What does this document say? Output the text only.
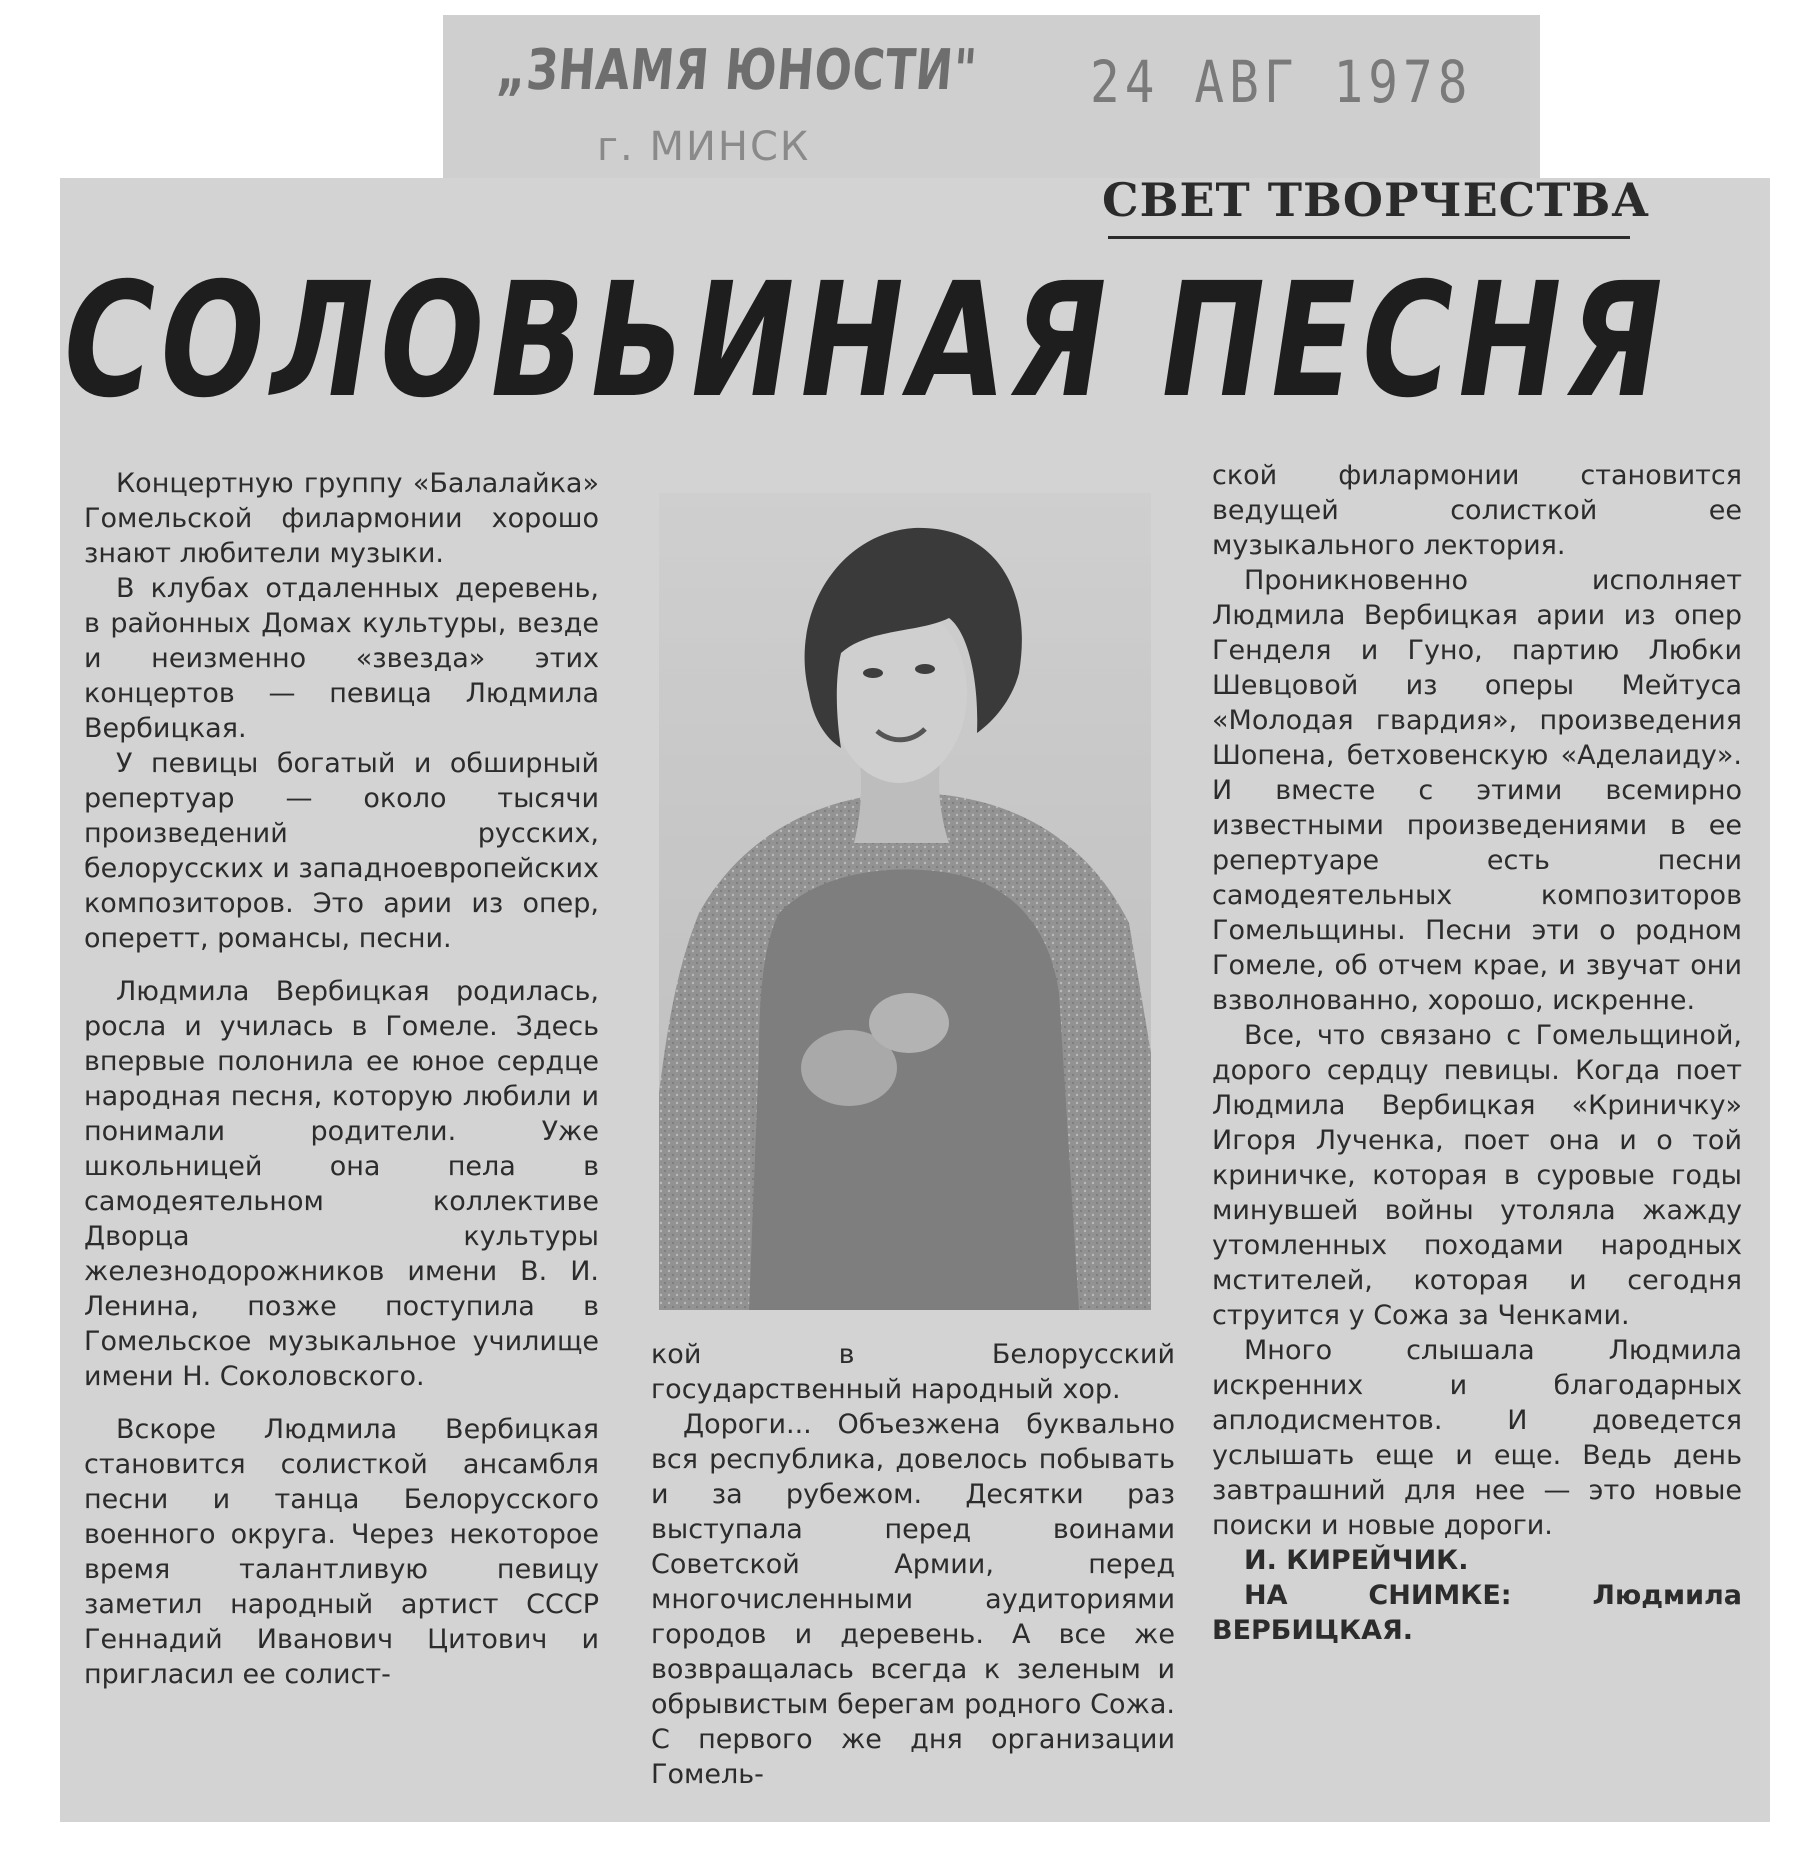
„ЗНАМЯ ЮНОСТИ"
г. МИНСК
24 АВГ 1978
СВЕТ ТВОРЧЕСТВА
СОЛОВЬИНАЯ ПЕСНЯ

Концертную группу «Балалайка» Гомельской филармонии хорошо знают любители музыки.

В клубах отдаленных деревень, в районных Домах культуры, везде и неизменно «звезда» этих концертов — певица Людмила Вербицкая.

У певицы богатый и обширный репертуар — около тысячи произведений русских, белорусских и западноевропейских композиторов. Это арии из опер, оперетт, романсы, песни.

Людмила Вербицкая родилась, росла и училась в Гомеле. Здесь впервые полонила ее юное сердце народная песня, которую любили и понимали родители. Уже школьницей она пела в самодеятельном коллективе Дворца культуры железнодорожников имени В. И. Ленина, позже поступила в Гомельское музыкальное училище имени Н. Соколовского.

Вскоре Людмила Вербицкая становится солисткой ансамбля песни и танца Белорусского военного округа. Через некоторое время талантливую певицу заметил народный артист СССР Геннадий Иванович Цитович и пригласил ее солист-

кой в Белорусский государственный народный хор.

Дороги... Объезжена буквально вся республика, довелось побывать и за рубежом. Десятки раз выступала перед воинами Советской Армии, перед многочисленными аудиториями городов и деревень. А все же возвращалась всегда к зеленым и обрывистым берегам родного Сожа. С первого же дня организации Гомель-

ской филармонии становится ведущей солисткой ее музыкального лектория.

Проникновенно исполняет Людмила Вербицкая арии из опер Генделя и Гуно, партию Любки Шевцовой из оперы Мейтуса «Молодая гвардия», произведения Шопена, бетховенскую «Аделаиду». И вместе с этими всемирно известными произведениями в ее репертуаре есть песни самодеятельных композиторов Гомельщины. Песни эти о родном Гомеле, об отчем крае, и звучат они взволнованно, хорошо, искренне.

Все, что связано с Гомельщиной, дорого сердцу певицы. Когда поет Людмила Вербицкая «Криничку» Игоря Лученка, поет она и о той криничке, которая в суровые годы минувшей войны утоляла жажду утомленных походами народных мстителей, которая и сегодня струится у Сожа за Ченками.

Много слышала Людмила искренних и благодарных аплодисментов. И доведется услышать еще и еще. Ведь день завтрашний для нее — это новые поиски и новые дороги.

И. КИРЕЙЧИК.

НА СНИМКЕ:	Людмила ВЕРБИЦКАЯ.
